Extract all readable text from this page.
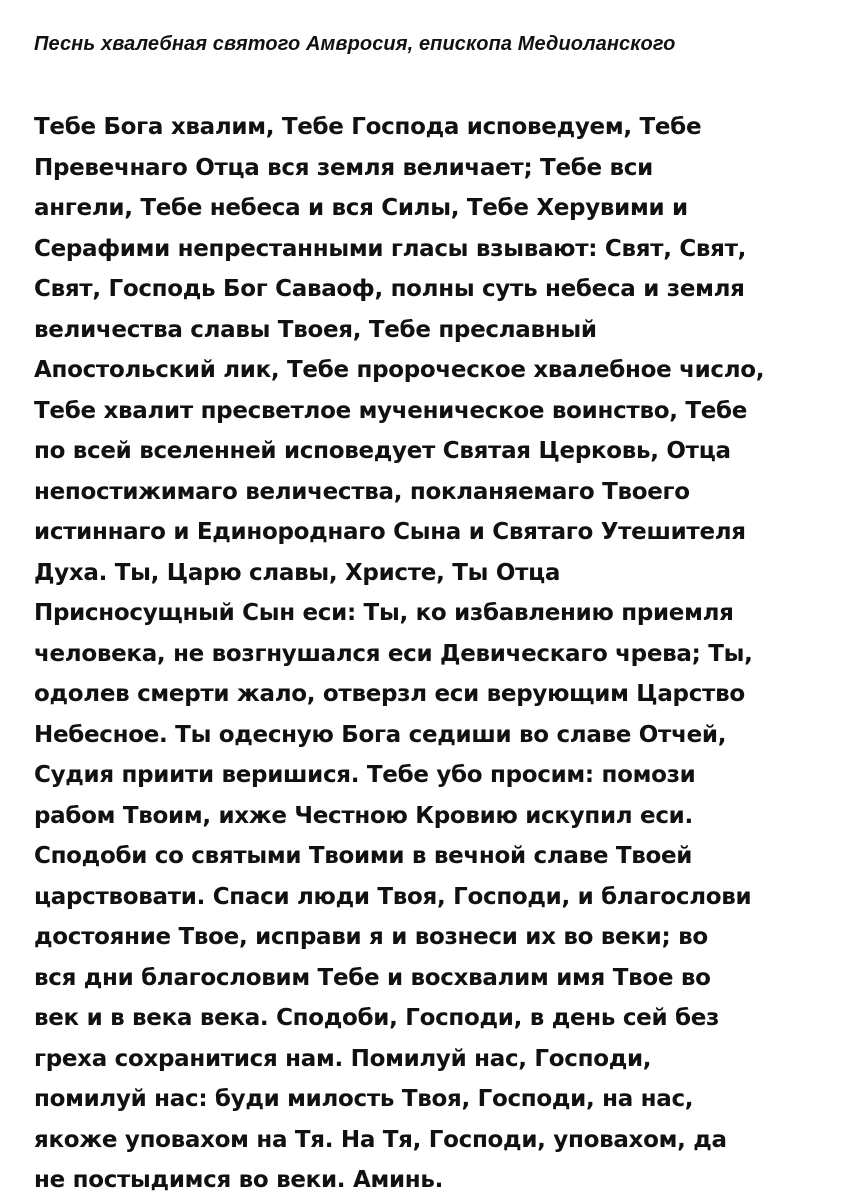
Песнь хвалебная святого Амвросия, епископа Медиоланского
Тебе Бога хвалим, Тебе Господа исповедуем, Тебе
Превечнаго Отца вся земля величает; Тебе вси
ангели, Тебе небеса и вся Силы, Тебе Херувими и
Серафими непрестанными гласы взывают: Свят, Свят,
Свят, Господь Бог Саваоф, полны суть небеса и земля
величества славы Твоея, Тебе преславный
Апостольский лик, Тебе пророческое хвалебное число,
Тебе хвалит пресветлое мученическое воинство, Тебе
по всей вселенней исповедует Святая Церковь, Отца
непостижимаго величества, покланяемаго Твоего
истиннаго и Единороднаго Сына и Святаго Утешителя
Духа. Ты, Царю славы, Христе, Ты Отца
Присносущный Сын еси: Ты, ко избавлению приемля
человека, не возгнушался еси Девическаго чрева; Ты,
одолев смерти жало, отверзл еси верующим Царство
Небесное. Ты одесную Бога седиши во славе Отчей,
Судия приити веришися. Тебе убо просим: помози
рабом Твоим, ихже Честною Кровию искупил еси.
Сподоби со святыми Твоими в вечной славе Твоей
царствовати. Спаси люди Твоя, Господи, и благослови
достояние Твое, исправи я и вознеси их во веки; во
вся дни благословим Тебе и восхвалим имя Твое во
век и в века века. Сподоби, Господи, в день сей без
греха сохранитися нам. Помилуй нас, Господи,
помилуй нас: буди милость Твоя, Господи, на нас,
якоже уповахом на Тя. На Тя, Господи, уповахом, да
не постыдимся во веки. Аминь.
